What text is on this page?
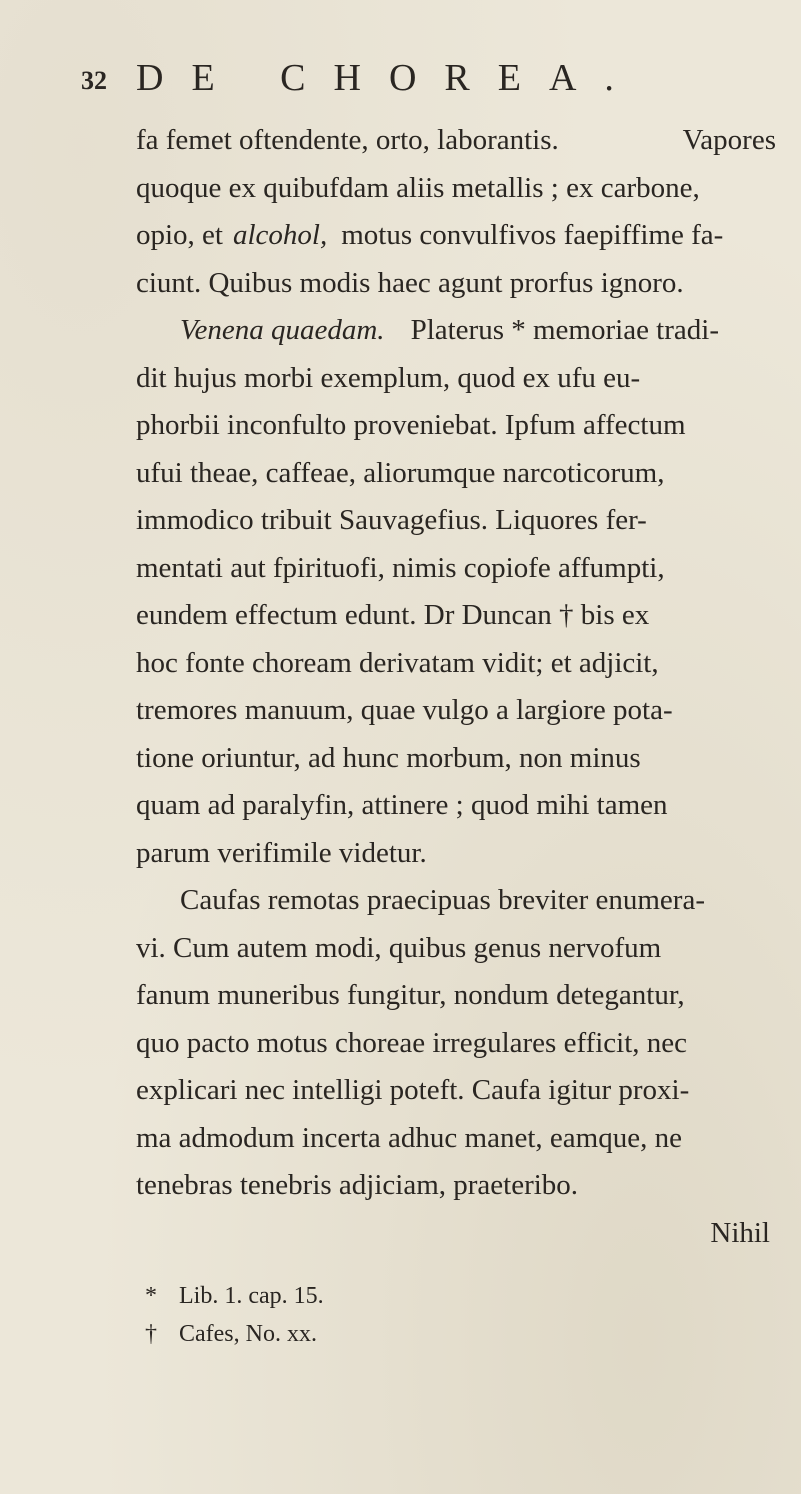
32 DE CHOREA.
fa femet oftendente, orto, laborantis.	Vapores
quoque ex quibufdam aliis metallis ; ex carbone,
opio, et alcohol, motus convulfivos faepiffime fa-
ciunt. Quibus modis haec agunt prorfus ignoro.
Venena quaedam. Platerus * memoriae tradi-
dit hujus morbi exemplum, quod ex ufu eu-
phorbii inconfulto proveniebat. Ipfum affectum
ufui theae, caffeae, aliorumque narcoticorum,
immodico tribuit Sauvagefius. Liquores fer-
mentati aut fpirituofi, nimis copiofe affumpti,
eundem effectum edunt. Dr Duncan † bis ex
hoc fonte choream derivatam vidit; et adjicit,
tremores manuum, quae vulgo a largiore pota-
tione oriuntur, ad hunc morbum, non minus
quam ad paralyfin, attinere ; quod mihi tamen
parum verifimile videtur.
Caufas remotas praecipuas breviter enumera-
vi. Cum autem modi, quibus genus nervofum
fanum muneribus fungitur, nondum detegantur,
quo pacto motus choreae irregulares efficit, nec
explicari nec intelligi poteft. Caufa igitur proxi-
ma admodum incerta adhuc manet, eamque, ne
tenebras tenebris adjiciam, praeteribo.
Nihil
* Lib. 1. cap. 15.
† Cafes, No. xx.
